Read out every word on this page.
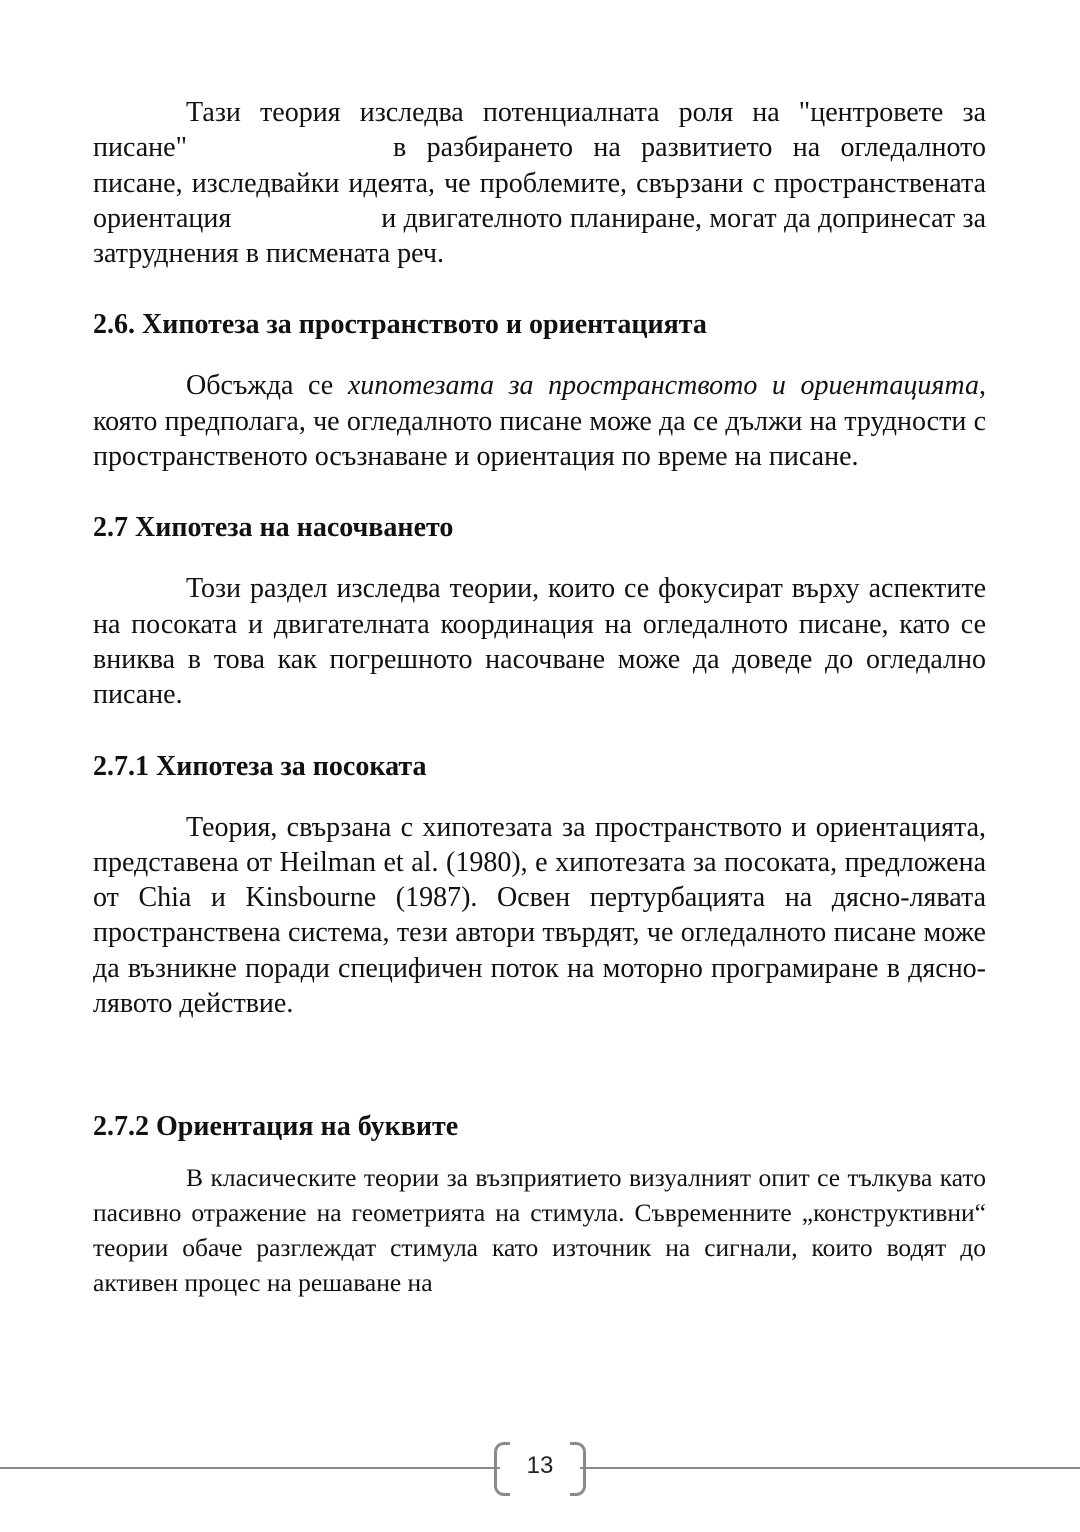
Тази теория изследва потенциалната роля на "центровете за писане"	в разбирането на развитието на огледалното писане, изследвайки идеята, че проблемите, свързани с пространствената ориентация	и двигателното планиране, могат да допринесат за затруднения в писмената реч.

2.6. Хипотеза за пространството и ориентацията

Обсъжда се хипотезата за пространството и ориентацията, която предполага, че огледалното писане може да се дължи на трудности с пространственото осъзнаване и ориентация по време на писане.

2.7 Хипотеза на насочването

Този раздел изследва теории, които се фокусират върху аспектите на посоката и двигателната координация на огледалното писане, като се вниква в това как погрешното насочване може да доведе до огледално писане.

2.7.1 Хипотеза за посоката

Теория, свързана с хипотезата за пространството и ориентацията, представена от Heilman et al. (1980), е хипотезата за посоката, предложена от Chia и Kinsbourne (1987). Освен пертурбацията на дясно-лявата пространствена система, тези автори твърдят, че огледалното писане може да възникне поради специфичен поток на моторно програмиране в дясно-лявото действие.

2.7.2 Ориентация на буквите

В класическите теории за възприятието визуалният опит се тълкува като пасивно отражение на геометрията на стимула. Съвременните „конструктивни“ теории обаче разглеждат стимула като източник на сигнали, които водят до активен процес на решаване на

13
